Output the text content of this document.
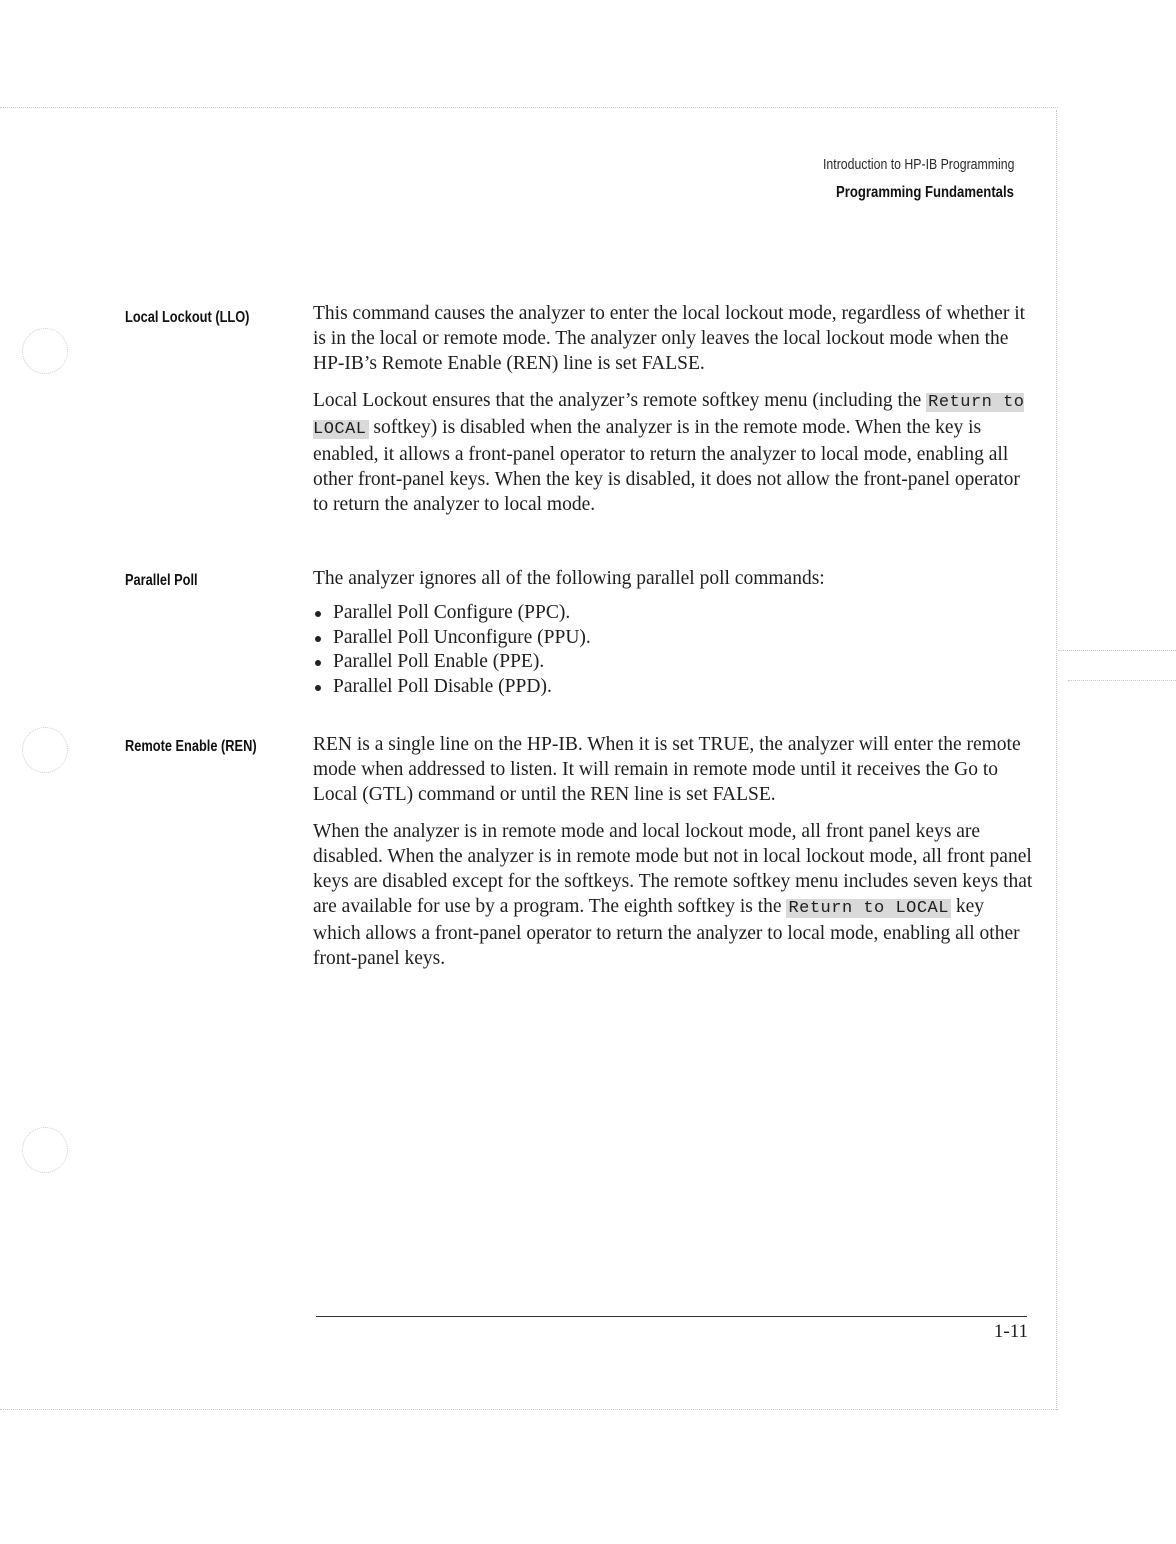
Introduction to HP-IB Programming
Programming Fundamentals
Local Lockout (LLO)	This command causes the analyzer to enter the local lockout mode, regardless of whether it is in the local or remote mode. The analyzer only leaves the local lockout mode when the HP-IB’s Remote Enable (REN) line is set FALSE.

Local Lockout ensures that the analyzer’s remote softkey menu (including the Return to LOCAL softkey) is disabled when the analyzer is in the remote mode. When the key is enabled, it allows a front-panel operator to return the analyzer to local mode, enabling all other front-panel keys. When the key is disabled, it does not allow the front-panel operator to return the analyzer to local mode.

Parallel Poll	The analyzer ignores all of the following parallel poll commands:

Parallel Poll Configure (PPC).
Parallel Poll Unconfigure (PPU).
Parallel Poll Enable (PPE).
Parallel Poll Disable (PPD).
Remote Enable (REN)	REN is a single line on the HP-IB. When it is set TRUE, the analyzer will enter the remote mode when addressed to listen. It will remain in remote mode until it receives the Go to Local (GTL) command or until the REN line is set FALSE.

When the analyzer is in remote mode and local lockout mode, all front panel keys are disabled. When the analyzer is in remote mode but not in local lockout mode, all front panel keys are disabled except for the softkeys. The remote softkey menu includes seven keys that are available for use by a program. The eighth softkey is the Return to LOCAL key which allows a front-panel operator to return the analyzer to local mode, enabling all other front-panel keys.

1-11
